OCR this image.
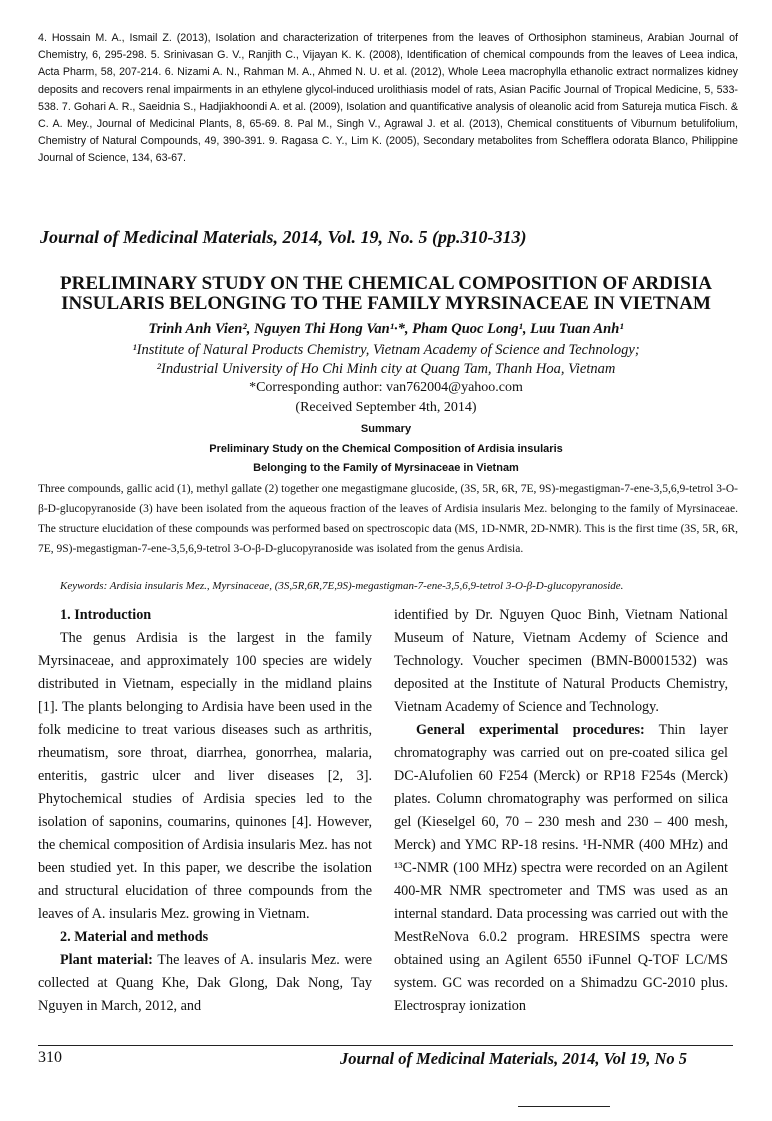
4. Hossain M. A., Ismail Z. (2013), Isolation and characterization of triterpenes from the leaves of Orthosiphon stamineus, Arabian Journal of Chemistry, 6, 295-298. 5. Srinivasan G. V., Ranjith C., Vijayan K. K. (2008), Identification of chemical compounds from the leaves of Leea indica, Acta Pharm, 58, 207-214. 6. Nizami A. N., Rahman M. A., Ahmed N. U. et al. (2012), Whole Leea macrophylla ethanolic extract normalizes kidney deposits and recovers renal impairments in an ethylene glycol-induced urolithiasis model of rats, Asian Pacific Journal of Tropical Medicine, 5, 533-538. 7. Gohari A. R., Saeidnia S., Hadjiakhoondi A. et al. (2009), Isolation and quantificative analysis of oleanolic acid from Satureja mutica Fisch. & C. A. Mey., Journal of Medicinal Plants, 8, 65-69. 8. Pal M., Singh V., Agrawal J. et al. (2013), Chemical constituents of Viburnum betulifolium, Chemistry of Natural Compounds, 49, 390-391. 9. Ragasa C. Y., Lim K. (2005), Secondary metabolites from Schefflera odorata Blanco, Philippine Journal of Science, 134, 63-67.
Journal of Medicinal Materials, 2014, Vol. 19, No. 5 (pp.310-313)
PRELIMINARY STUDY ON THE CHEMICAL COMPOSITION OF ARDISIA
INSULARIS BELONGING TO THE FAMILY MYRSINACEAE IN VIETNAM
Trinh Anh Vien², Nguyen Thi Hong Van¹·*, Pham Quoc Long¹, Luu Tuan Anh¹
¹Institute of Natural Products Chemistry, Vietnam Academy of Science and Technology;
²Industrial University of Ho Chi Minh city at Quang Tam, Thanh Hoa, Vietnam
*Corresponding author: van762004@yahoo.com
(Received September 4th, 2014)
Summary
Preliminary Study on the Chemical Composition of Ardisia insularis
Belonging to the Family of Myrsinaceae in Vietnam
Three compounds, gallic acid (1), methyl gallate (2) together one megastigmane glucoside, (3S, 5R, 6R, 7E, 9S)-megastigman-7-ene-3,5,6,9-tetrol 3-O-β-D-glucopyranoside (3) have been isolated from the aqueous fraction of the leaves of Ardisia insularis Mez. belonging to the family of Myrsinaceae. The structure elucidation of these compounds was performed based on spectroscopic data (MS, 1D-NMR, 2D-NMR). This is the first time (3S, 5R, 6R, 7E, 9S)-megastigman-7-ene-3,5,6,9-tetrol 3-O-β-D-glucopyranoside was isolated from the genus Ardisia.
Keywords: Ardisia insularis Mez., Myrsinaceae, (3S,5R,6R,7E,9S)-megastigman-7-ene-3,5,6,9-tetrol 3-O-β-D-glucopyranoside.

1. Introduction

The genus Ardisia is the largest in the family Myrsinaceae, and approximately 100 species are widely distributed in Vietnam, especially in the midland plains [1]. The plants belonging to Ardisia have been used in the folk medicine to treat various diseases such as arthritis, rheumatism, sore throat, diarrhea, gonorrhea, malaria, enteritis, gastric ulcer and liver diseases [2, 3]. Phytochemical studies of Ardisia species led to the isolation of saponins, coumarins, quinones [4]. However, the chemical composition of Ardisia insularis Mez. has not been studied yet. In this paper, we describe the isolation and structural elucidation of three compounds from the leaves of A. insularis Mez. growing in Vietnam.

2. Material and methods

Plant material: The leaves of A. insularis Mez. were collected at Quang Khe, Dak Glong, Dak Nong, Tay Nguyen in March, 2012, and

identified by Dr. Nguyen Quoc Binh, Vietnam National Museum of Nature, Vietnam Acdemy of Science and Technology. Voucher specimen (BMN-B0001532) was deposited at the Institute of Natural Products Chemistry, Vietnam Academy of Science and Technology.

General experimental procedures: Thin layer chromatography was carried out on pre-coated silica gel DC-Alufolien 60 F254 (Merck) or RP18 F254s (Merck) plates. Column chromatography was performed on silica gel (Kieselgel 60, 70 – 230 mesh and 230 – 400 mesh, Merck) and YMC RP-18 resins. ¹H-NMR (400 MHz) and ¹³C-NMR (100 MHz) spectra were recorded on an Agilent 400-MR NMR spectrometer and TMS was used as an internal standard. Data processing was carried out with the MestReNova 6.0.2 program. HRESIMS spectra were obtained using an Agilent 6550 iFunnel Q-TOF LC/MS system. GC was recorded on a Shimadzu GC-2010 plus. Electrospray ionization

310	Journal of Medicinal Materials, 2014, Vol 19, No 5
